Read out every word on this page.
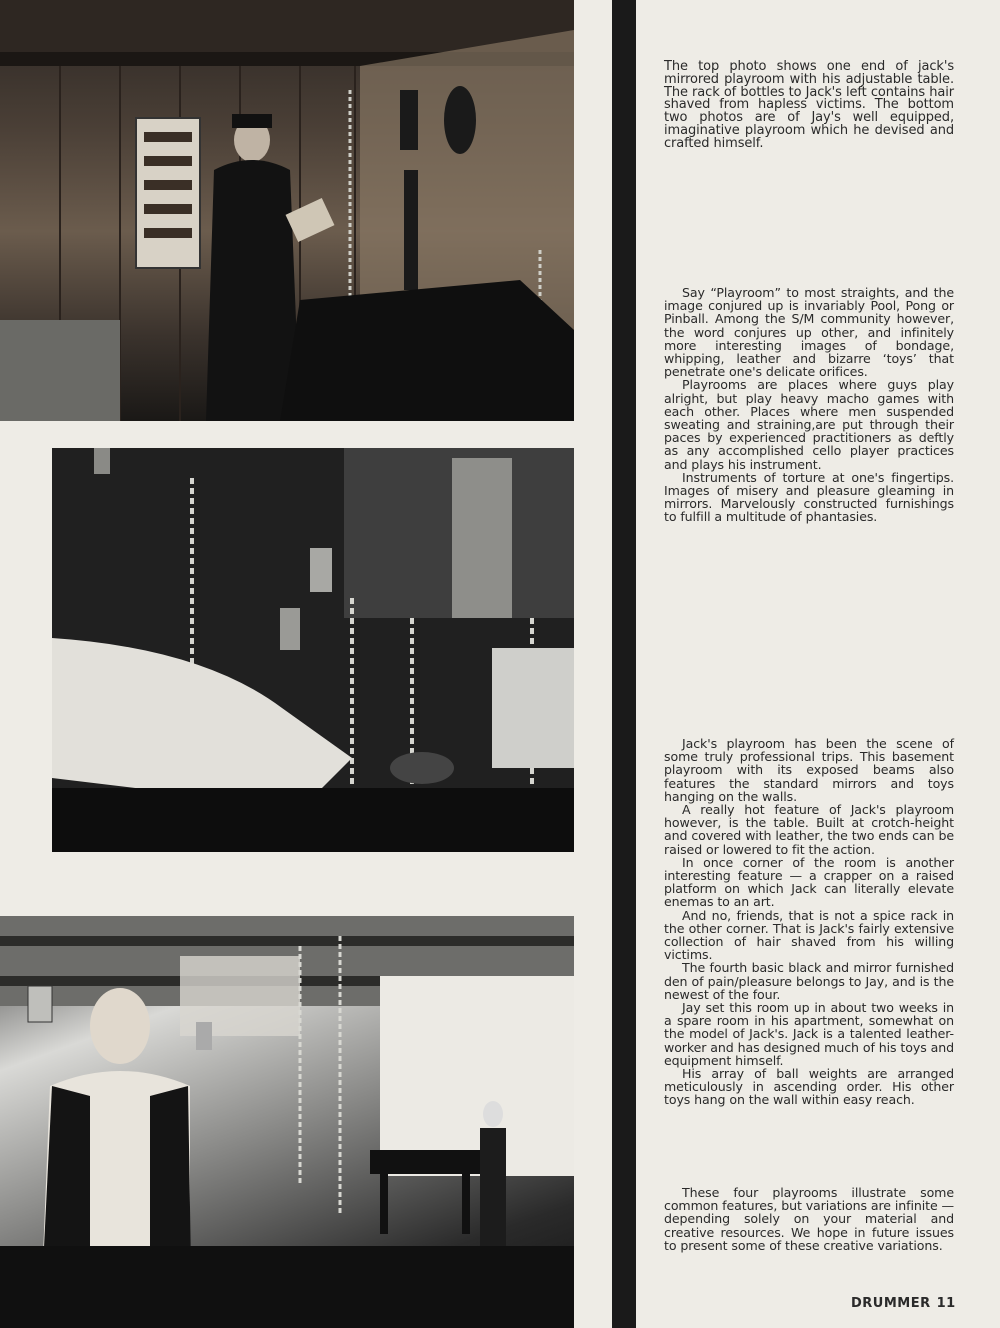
The top photo shows one end of jack's mirrored playroom with his adjustable table. The rack of bottles to Jack's left contains hair shaved from hapless victims. The bottom two photos are of Jay's well equipped, imaginative playroom which he devised and crafted himself.

Say “Playroom” to most straights, and the image conjured up is invariably Pool, Pong or Pinball. Among the S/M community however, the word conjures up other, and infinitely more interesting images of bondage, whipping, leather and bizarre ‘toys’ that penetrate one's delicate orifices.

Playrooms are places where guys play alright, but play heavy macho games with each other. Places where men suspended sweating and straining,are put through their paces by experienced practitioners as deftly as any accomplished cello player practices and plays his instrument.

Instruments of torture at one's fingertips. Images of misery and pleasure gleaming in mirrors. Marvelously constructed furnishings to fulfill a multitude of phantasies.

Jack's playroom has been the scene of some truly professional trips. This basement playroom with its exposed beams also features the standard mirrors and toys hanging on the walls.

A really hot feature of Jack's playroom however, is the table. Built at crotch-height and covered with leather, the two ends can be raised or lowered to fit the action.

In once corner of the room is another interesting feature — a crapper on a raised platform on which Jack can literally elevate enemas to an art.

And no, friends, that is not a spice rack in the other corner. That is Jack's fairly extensive collection of hair shaved from his willing victims.

The fourth basic black and mirror furnished den of pain/pleasure belongs to Jay, and is the newest of the four.

Jay set this room up in about two weeks in a spare room in his apartment, somewhat on the model of Jack's. Jack is a talented leather-worker and has designed much of his toys and equipment himself.

His array of ball weights are arranged meticulously in ascending order. His other toys hang on the wall within easy reach.

These four playrooms illustrate some common features, but variations are infinite — depending solely on your material and creative resources. We hope in future issues to present some of these creative variations.

DRUMMER 11
